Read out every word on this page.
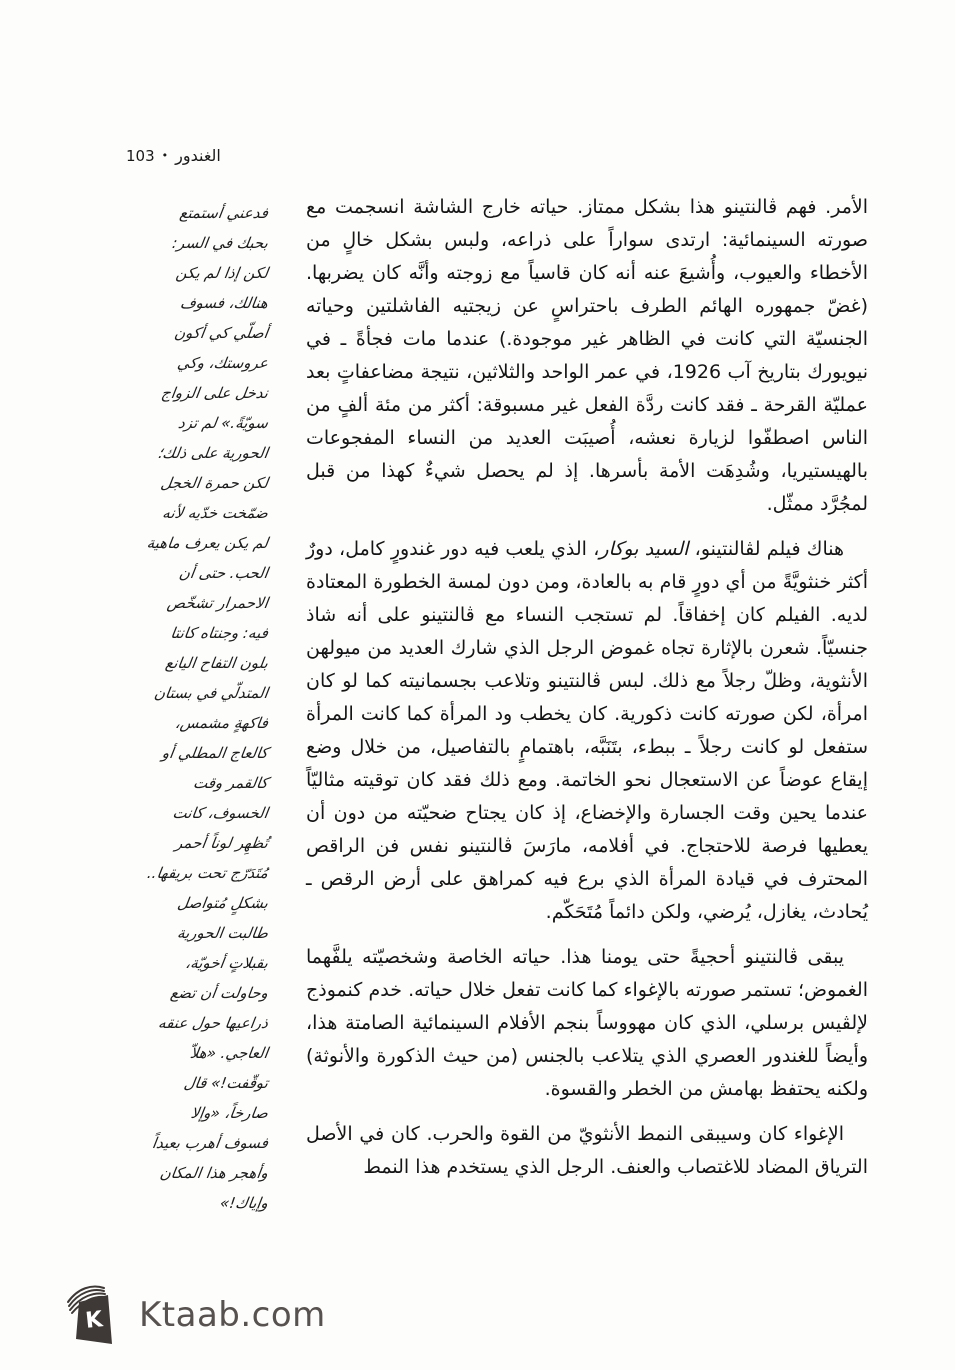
الغندور•103
فدعني أستمتع
بحبك في السر:
لكن إذا لم يكن
هنالك، فسوف
أصلّي كي أكون
عروستك، وكي
ندخل على الزواج
سويّةً.» لم تزد
الحورية على ذلك؛
لكن حمرة الخجل
ضمّخت خدّيه لأنه
لم يكن يعرف ماهية
الحب. حتى أن
الاحمرار تشخّص
فيه: وجنتاه كانتا
بلون التفاح اليانع
المتدلّي في بستان
فاكهةٍ مشمس،
كالعاج المطلي أو
كالقمر وقت
الخسوف، كانت
تُظهِر لوناً أحمر
مُتَدَرّج تحت بريقها..
بشكلٍ مُتواصل
طالبت الحورية
بقبلاتٍ أخويّة،
وحاولت أن تضع
ذراعيها حول عنقه
العاجي. «هلاّ
توقّفت!» قال
صارخاً، «وإلا
فسوف أهرب بعيداً
وأهجر هذا المكان
وإياك!»

الأمر. فهم ڤالنتينو هذا بشكل ممتاز. حياته خارج الشاشة انسجمت مع صورته السينمائية: ارتدى سواراً على ذراعه، ولبس بشكل خالٍ من الأخطاء والعيوب، وأُشيعَ عنه أنه كان قاسياً مع زوجته وأنَّه كان يضربها. (غضّ جمهوره الهائم الطرف باحتراسٍ عن زيجتيه الفاشلتين وحياته الجنسيّة التي كانت في الظاهر غير موجودة.) عندما مات فجأةً ـ في نيويورك بتاريخ آب 1926، في عمر الواحد والثلاثين، نتيجة مضاعفاتٍ بعد عمليّة القرحة ـ فقد كانت ردَّة الفعل غير مسبوقة: أكثر من مئة ألفٍ من الناس اصطفّوا لزيارة نعشه، أُصيبَت العديد من النساء المفجوعات بالهيستيريا، وشُدِهَت الأمة بأسرها. إذ لم يحصل شيءٌ كهذا من قبل لمجُرَّد ممثّل.

هناك فيلم لڤالنتينو، السيد بوكار، الذي يلعب فيه دور غندورٍ كامل، دورٌ أكثر خنثويَّةً من أي دورٍ قام به بالعادة، ومن دون لمسة الخطورة المعتادة لديه. الفيلم كان إخفاقاً. لم تستجب النساء مع ڤالنتينو على أنه شاذ جنسيّاً. شعرن بالإثارة تجاه غموض الرجل الذي شارك العديد من ميولهن الأنثوية، وظلّ رجلاً مع ذلك. لبس ڤالنتينو وتلاعب بجسمانيته كما لو كان امرأة، لكن صورته كانت ذكورية. كان يخطب ود المرأة كما كانت المرأة ستفعل لو كانت رجلاً ـ ببطء، بتَنَبَّه، باهتمامٍ بالتفاصيل، من خلال وضع إيقاع عوضاً عن الاستعجال نحو الخاتمة. ومع ذلك فقد كان توقيته مثاليّاً عندما يحين وقت الجسارة والإخضاع، إذ كان يجتاح ضحيّته من دون أن يعطيها فرصة للاحتجاج. في أفلامه، مارَسَ ڤالنتينو نفس فن الراقص المحترف في قيادة المرأة الذي برع فيه كمراهق على أرض الرقص ـ يُحادث، يغازل، يُرضي، ولكن دائماً مُتَحَكّم.

يبقى ڤالنتينو أحجيةً حتى يومنا هذا. حياته الخاصة وشخصيّته يلفَّهما الغموض؛ تستمر صورته بالإغواء كما كانت تفعل خلال حياته. خدم كنموذج لإلڤيس برسلي، الذي كان مهووساً بنجم الأفلام السينمائية الصامتة هذا، وأيضاً للغندور العصري الذي يتلاعب بالجنس (من حيث الذكورة والأنوثة) ولكنه يحتفظ بهامش من الخطر والقسوة.

الإغواء كان وسيبقى النمط الأنثويّ من القوة والحرب. كان في الأصل الترياق المضاد للاغتصاب والعنف. الرجل الذي يستخدم هذا النمط

K Ktaab.com
